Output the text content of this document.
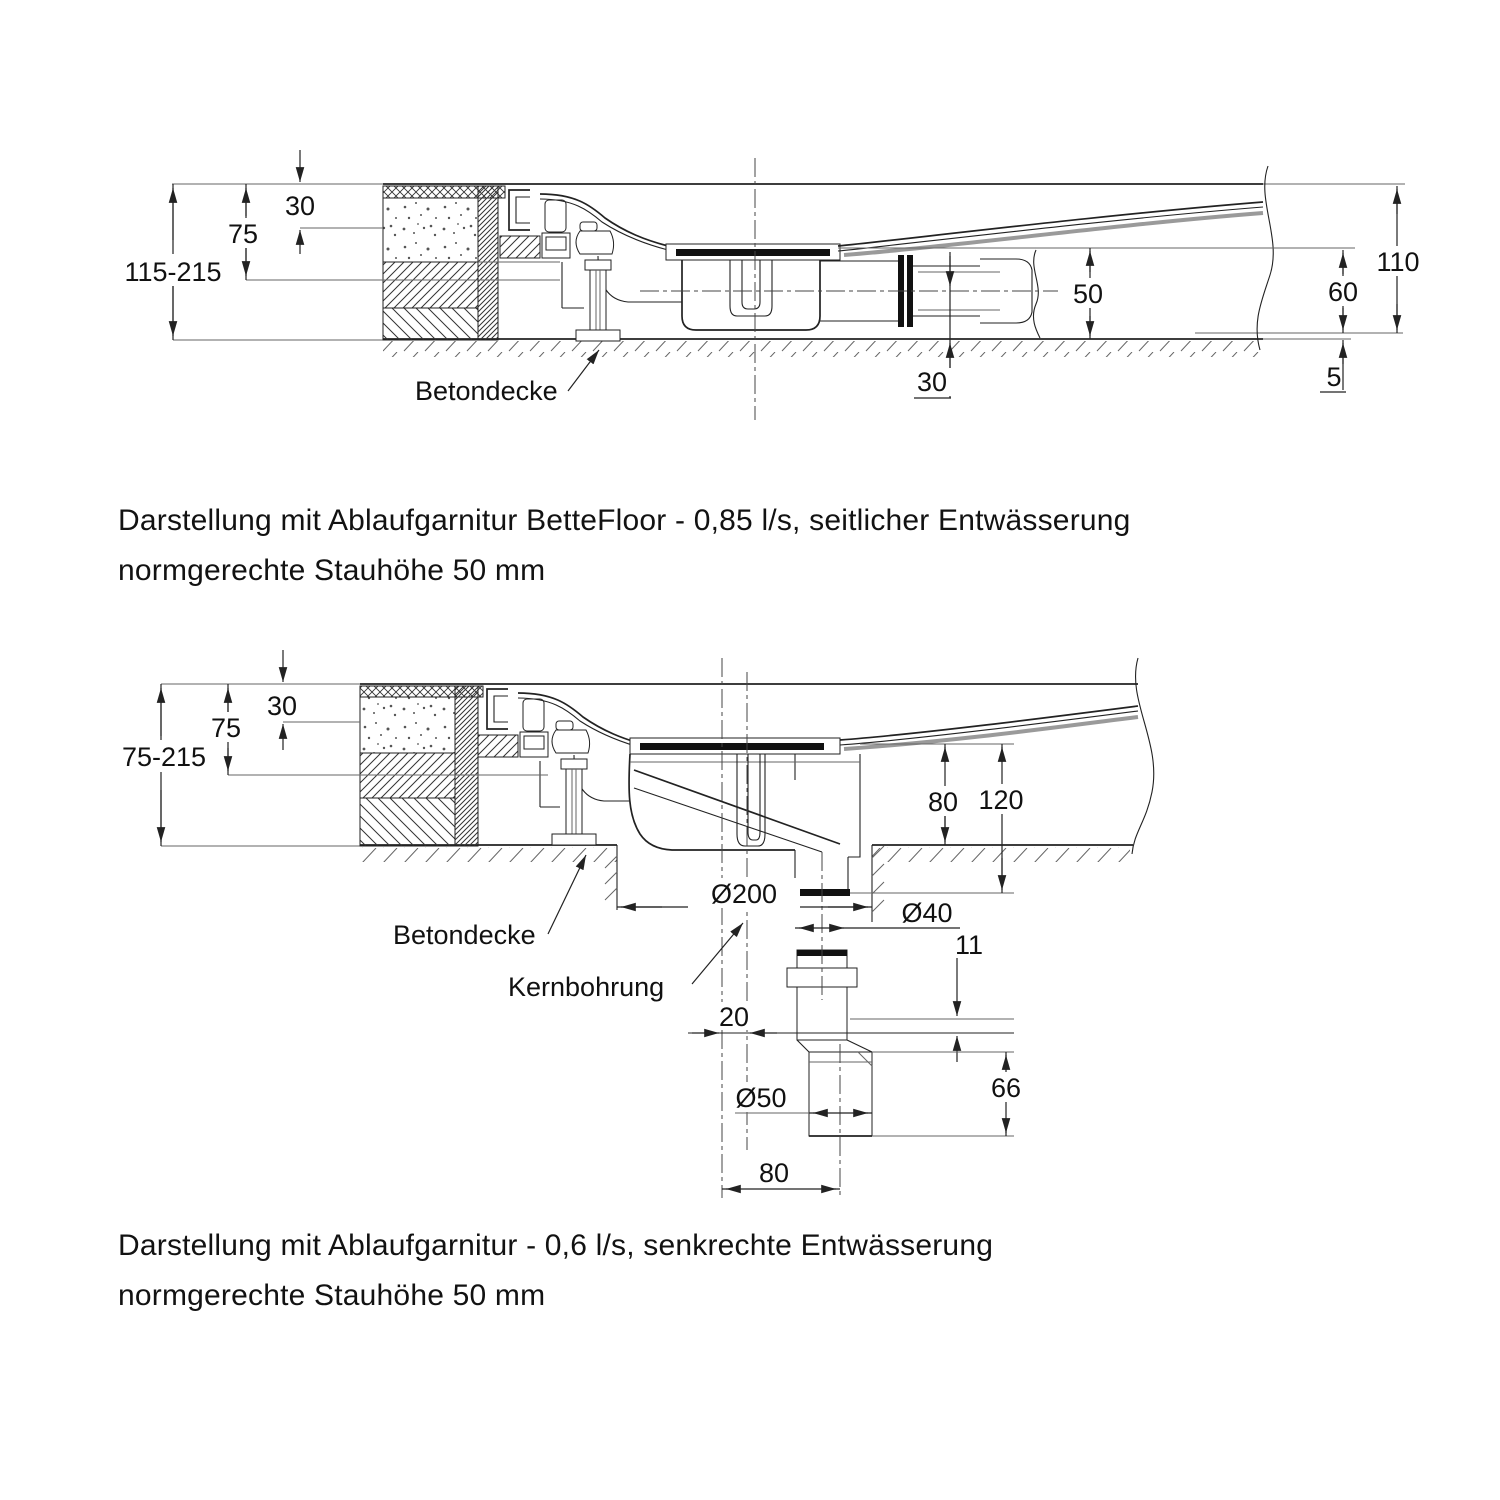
115-215
75
30
50
30
110
60
5
Betondecke
75-215
75
30
80 120
Ø200
Ø40
11
20
66
Ø50
80
Betondecke
Kernbohrung
Darstellung mit Ablaufgarnitur BetteFloor - 0,85 l/s, seitlicher Entwässerung
normgerechte Stauhöhe 50 mm
Darstellung mit Ablaufgarnitur - 0,6 l/s, senkrechte Entwässerung
normgerechte Stauhöhe 50 mm
